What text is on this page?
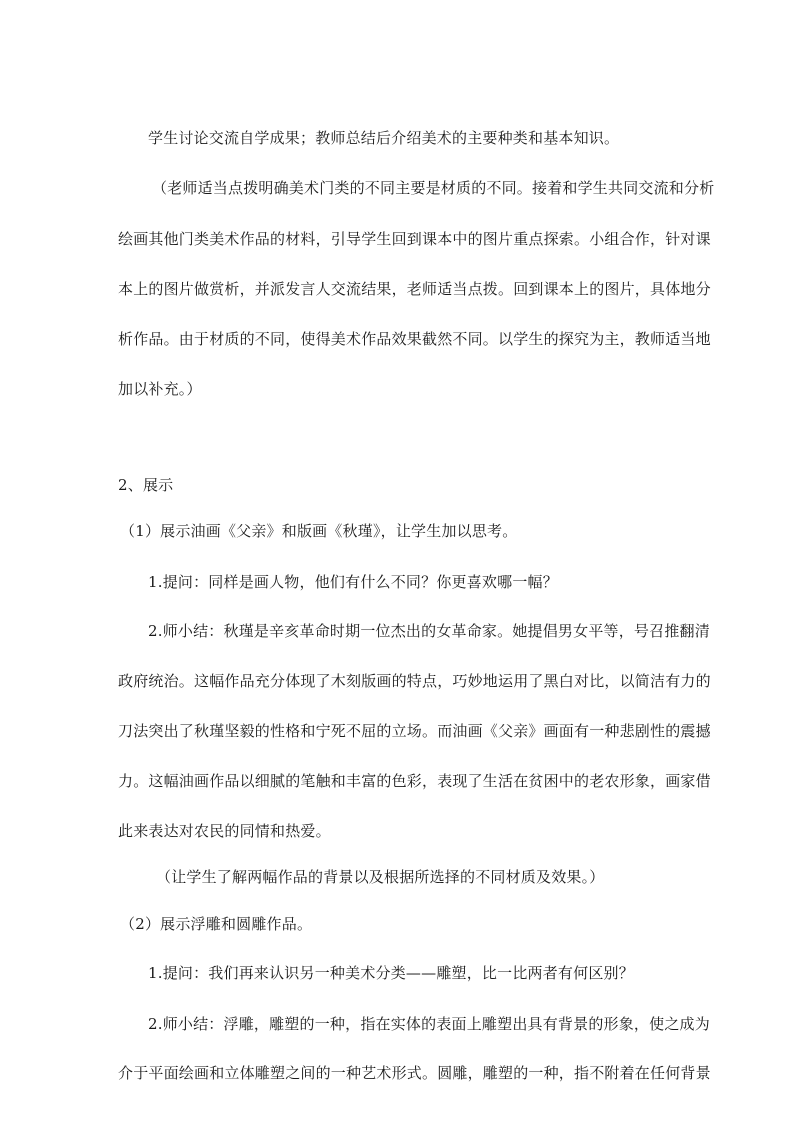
学生讨论交流自学成果；教师总结后介绍美术的主要种类和基本知识。
（老师适当点拨明确美术门类的不同主要是材质的不同。接着和学生共同交流和分析
绘画其他门类美术作品的材料，引导学生回到课本中的图片重点探索。小组合作，针对课
本上的图片做赏析，并派发言人交流结果，老师适当点拨。回到课本上的图片，具体地分
析作品。由于材质的不同，使得美术作品效果截然不同。以学生的探究为主，教师适当地
加以补充。）
2、展示
（1）展示油画《父亲》和版画《秋瑾》，让学生加以思考。
1.提问：同样是画人物，他们有什么不同？你更喜欢哪一幅？
2.师小结：秋瑾是辛亥革命时期一位杰出的女革命家。她提倡男女平等，号召推翻清
政府统治。这幅作品充分体现了木刻版画的特点，巧妙地运用了黑白对比，以简洁有力的
刀法突出了秋瑾坚毅的性格和宁死不屈的立场。而油画《父亲》画面有一种悲剧性的震撼
力。这幅油画作品以细腻的笔触和丰富的色彩，表现了生活在贫困中的老农形象，画家借
此来表达对农民的同情和热爱。
（让学生了解两幅作品的背景以及根据所选择的不同材质及效果。）
（2）展示浮雕和圆雕作品。
1.提问：我们再来认识另一种美术分类——雕塑，比一比两者有何区别？
2.师小结：浮雕，雕塑的一种，指在实体的表面上雕塑出具有背景的形象，使之成为
介于平面绘画和立体雕塑之间的一种艺术形式。圆雕，雕塑的一种，指不附着在任何背景
